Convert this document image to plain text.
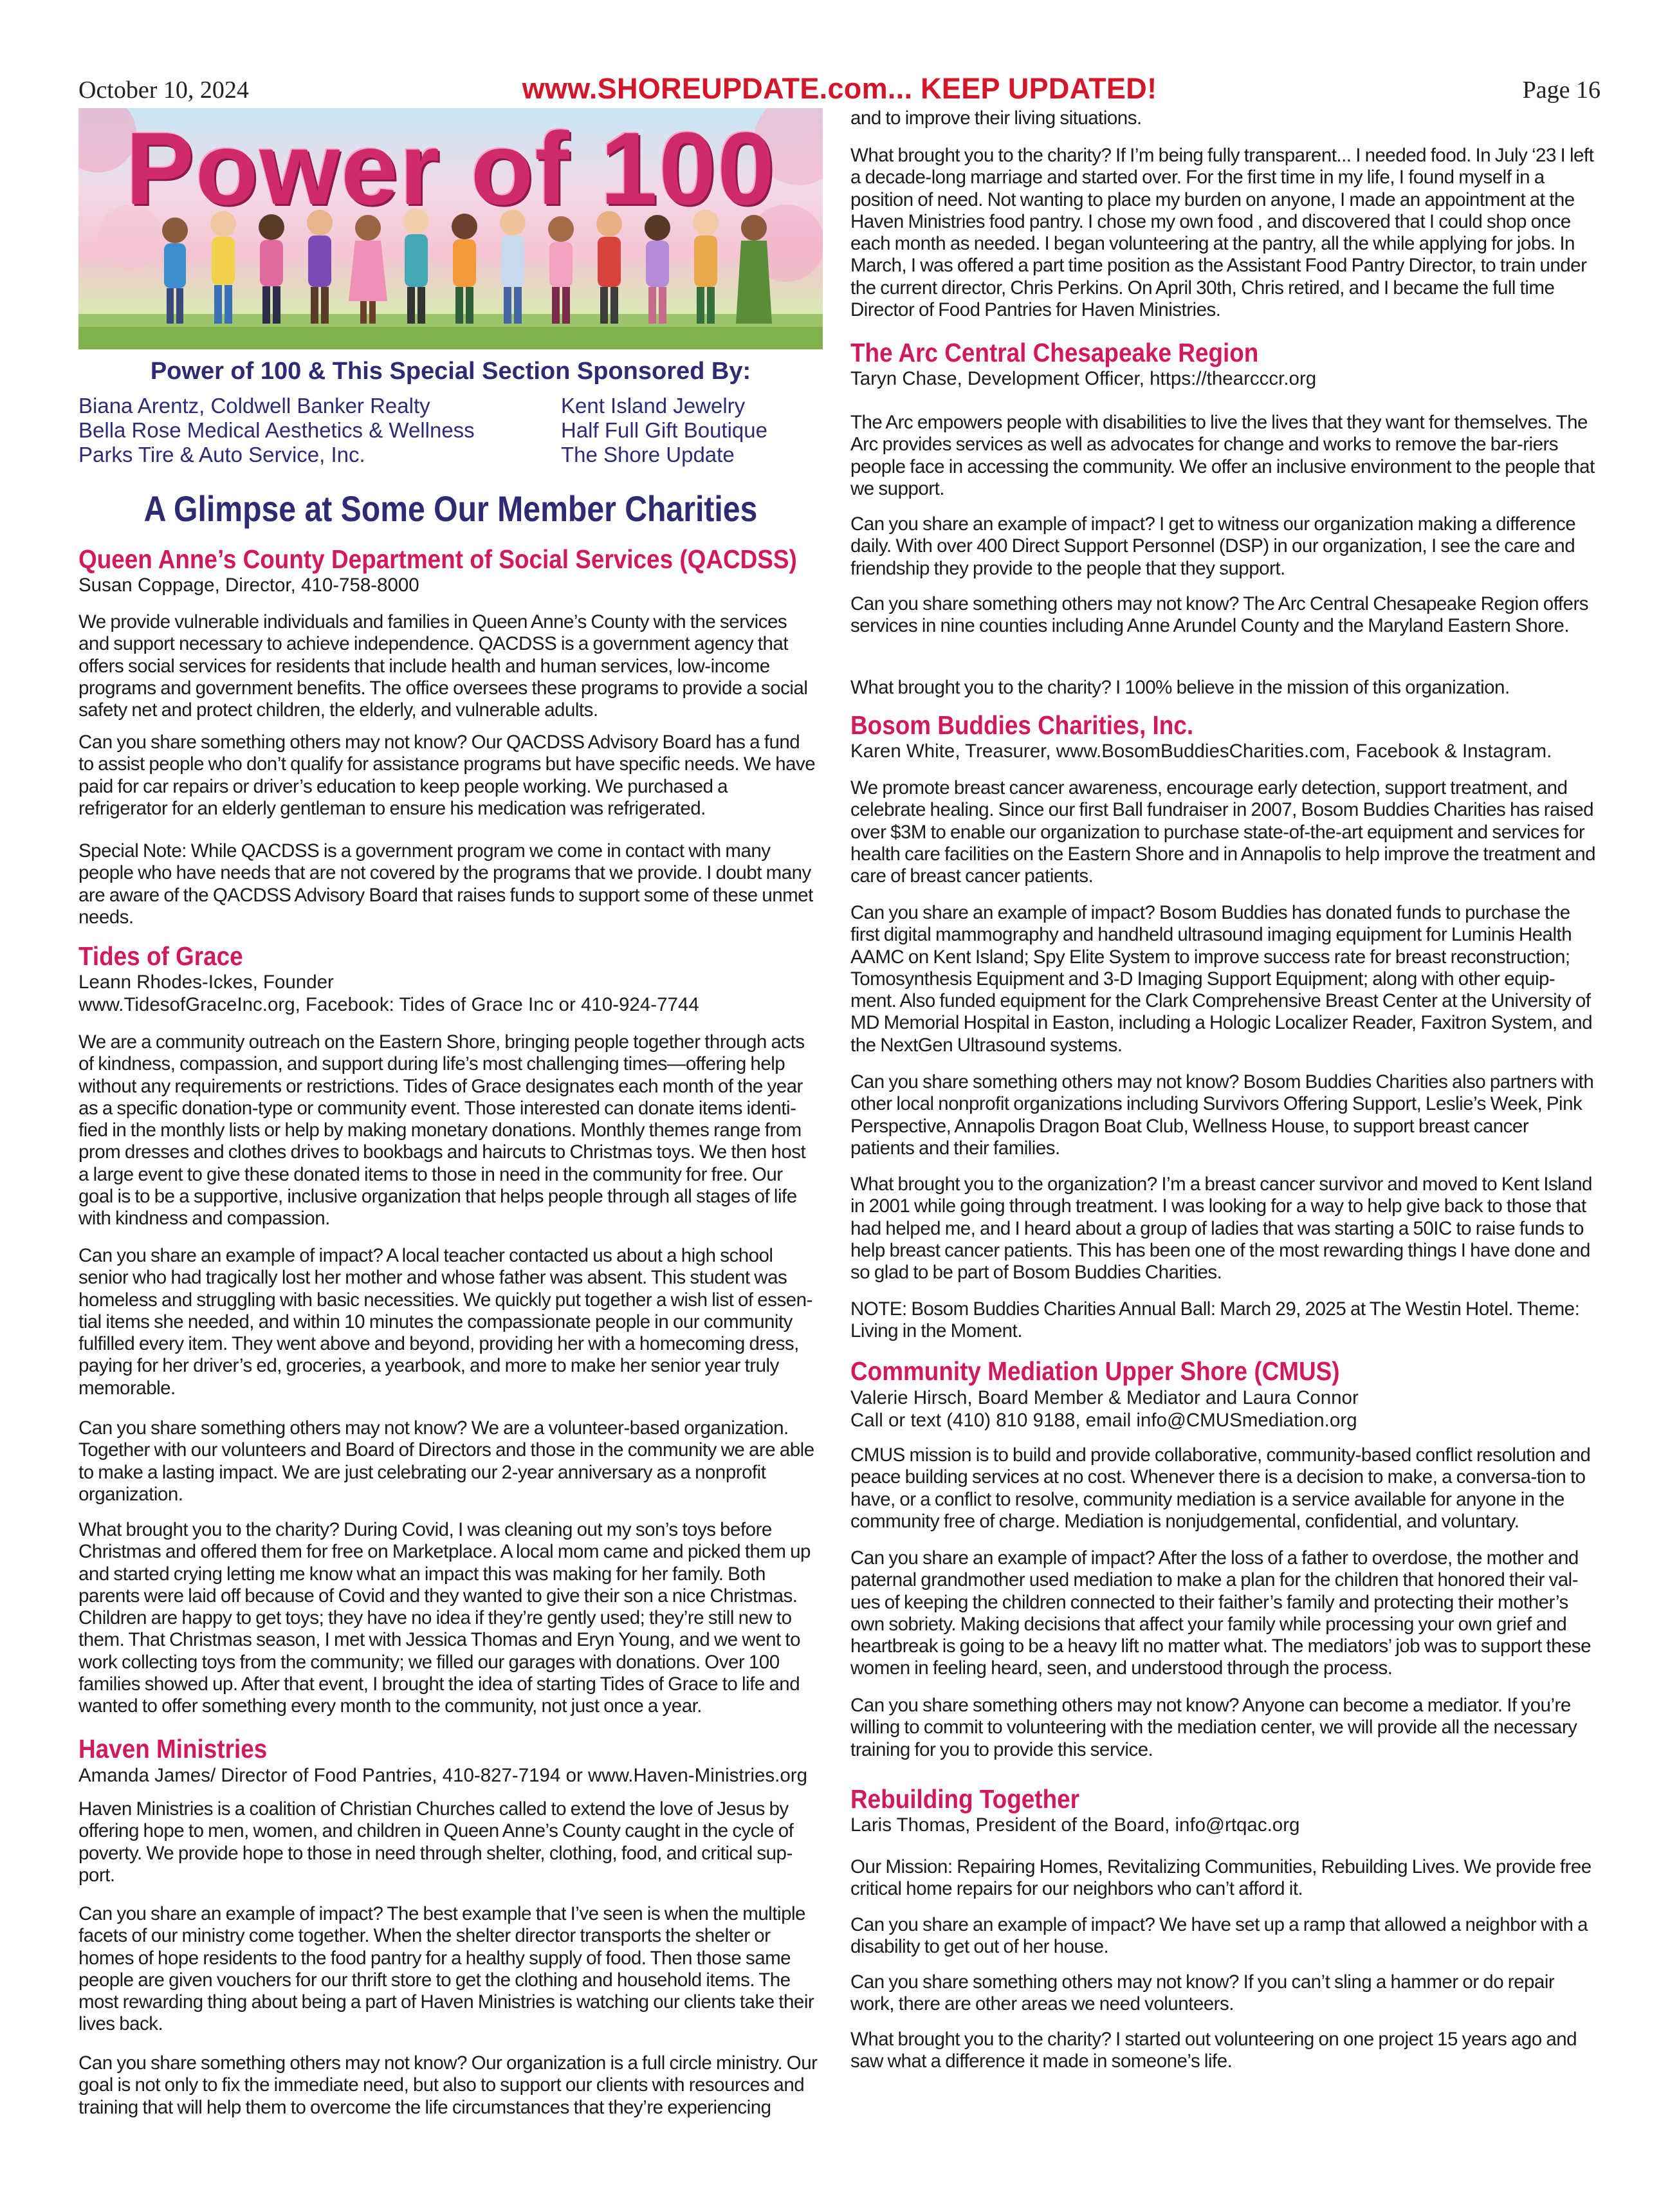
October 10, 2024	www.SHOREUPDATE.com... KEEP UPDATED!	Page 16
Power of 100
Power of 100 & This Special Section Sponsored By:
Biana Arentz, Coldwell Banker Realty
Bella Rose Medical Aesthetics & Wellness
Parks Tire & Auto Service, Inc.
Kent Island Jewelry
Half Full Gift Boutique
The Shore Update
A Glimpse at Some Our Member Charities
Queen Anne’s County Department of Social Services (QACDSS)
Susan Coppage, Director, 410-758-8000
We provide vulnerable individuals and families in Queen Anne’s County with the services and support necessary to achieve independence. QACDSS is a government agency that offers social services for residents that include health and human services, low-income programs and government benefits. The office oversees these programs to provide a social safety net and protect children, the elderly, and vulnerable adults.
Can you share something others may not know? Our QACDSS Advisory Board has a fund to assist people who don’t qualify for assistance programs but have specific needs. We have paid for car repairs or driver’s education to keep people working. We purchased a refrigerator for an elderly gentleman to ensure his medication was refrigerated.
Special Note: While QACDSS is a government program we come in contact with many people who have needs that are not covered by the programs that we provide. I doubt many are aware of the QACDSS Advisory Board that raises funds to support some of these unmet needs.
Tides of Grace
Leann Rhodes-Ickes, Founder
www.TidesofGraceInc.org, Facebook: Tides of Grace Inc or 410-924-7744
We are a community outreach on the Eastern Shore, bringing people together through acts of kindness, compassion, and support during life’s most challenging times—offering help without any requirements or restrictions. Tides of Grace designates each month of the year as a specific donation-type or community event. Those interested can donate items identi-fied in the monthly lists or help by making monetary donations. Monthly themes range from prom dresses and clothes drives to bookbags and haircuts to Christmas toys. We then host a large event to give these donated items to those in need in the community for free. Our goal is to be a supportive, inclusive organization that helps people through all stages of life with kindness and compassion.
Can you share an example of impact? A local teacher contacted us about a high school senior who had tragically lost her mother and whose father was absent. This student was homeless and struggling with basic necessities. We quickly put together a wish list of essen-tial items she needed, and within 10 minutes the compassionate people in our community fulfilled every item. They went above and beyond, providing her with a homecoming dress, paying for her driver’s ed, groceries, a yearbook, and more to make her senior year truly memorable.
Can you share something others may not know? We are a volunteer-based organization. Together with our volunteers and Board of Directors and those in the community we are able to make a lasting impact. We are just celebrating our 2-year anniversary as a nonprofit organization.
What brought you to the charity? During Covid, I was cleaning out my son’s toys before Christmas and offered them for free on Marketplace. A local mom came and picked them up and started crying letting me know what an impact this was making for her family. Both parents were laid off because of Covid and they wanted to give their son a nice Christmas. Children are happy to get toys; they have no idea if they’re gently used; they’re still new to them. That Christmas season, I met with Jessica Thomas and Eryn Young, and we went to work collecting toys from the community; we filled our garages with donations. Over 100 families showed up. After that event, I brought the idea of starting Tides of Grace to life and wanted to offer something every month to the community, not just once a year.
Haven Ministries
Amanda James/ Director of Food Pantries, 410-827-7194 or www.Haven-Ministries.org
Haven Ministries is a coalition of Christian Churches called to extend the love of Jesus by offering hope to men, women, and children in Queen Anne’s County caught in the cycle of poverty. We provide hope to those in need through shelter, clothing, food, and critical sup-port.
Can you share an example of impact? The best example that I’ve seen is when the multiple facets of our ministry come together. When the shelter director transports the shelter or homes of hope residents to the food pantry for a healthy supply of food. Then those same people are given vouchers for our thrift store to get the clothing and household items. The most rewarding thing about being a part of Haven Ministries is watching our clients take their lives back.
Can you share something others may not know? Our organization is a full circle ministry. Our goal is not only to fix the immediate need, but also to support our clients with resources and training that will help them to overcome the life circumstances that they’re experiencing
and to improve their living situations.
What brought you to the charity? If I’m being fully transparent... I needed food. In July ‘23 I left a decade-long marriage and started over. For the first time in my life, I found myself in a position of need. Not wanting to place my burden on anyone, I made an appointment at the Haven Ministries food pantry. I chose my own food , and discovered that I could shop once each month as needed. I began volunteering at the pantry, all the while applying for jobs. In March, I was offered a part time position as the Assistant Food Pantry Director, to train under the current director, Chris Perkins. On April 30th, Chris retired, and I became the full time Director of Food Pantries for Haven Ministries.
The Arc Central Chesapeake Region
Taryn Chase, Development Officer, https://thearcccr.org
The Arc empowers people with disabilities to live the lives that they want for themselves. The Arc provides services as well as advocates for change and works to remove the bar-riers people face in accessing the community. We offer an inclusive environment to the people that we support.
Can you share an example of impact? I get to witness our organization making a difference daily. With over 400 Direct Support Personnel (DSP) in our organization, I see the care and friendship they provide to the people that they support.
Can you share something others may not know? The Arc Central Chesapeake Region offers services in nine counties including Anne Arundel County and the Maryland Eastern Shore.
What brought you to the charity? I 100% believe in the mission of this organization.
Bosom Buddies Charities, Inc.
Karen White, Treasurer, www.BosomBuddiesCharities.com, Facebook & Instagram.
We promote breast cancer awareness, encourage early detection, support treatment, and celebrate healing. Since our first Ball fundraiser in 2007, Bosom Buddies Charities has raised over $3M to enable our organization to purchase state-of-the-art equipment and services for health care facilities on the Eastern Shore and in Annapolis to help improve the treatment and care of breast cancer patients.
Can you share an example of impact? Bosom Buddies has donated funds to purchase the first digital mammography and handheld ultrasound imaging equipment for Luminis Health AAMC on Kent Island; Spy Elite System to improve success rate for breast reconstruction; Tomosynthesis Equipment and 3-D Imaging Support Equipment; along with other equip-ment. Also funded equipment for the Clark Comprehensive Breast Center at the University of MD Memorial Hospital in Easton, including a Hologic Localizer Reader, Faxitron System, and the NextGen Ultrasound systems.
Can you share something others may not know? Bosom Buddies Charities also partners with other local nonprofit organizations including Survivors Offering Support, Leslie’s Week, Pink Perspective, Annapolis Dragon Boat Club, Wellness House, to support breast cancer patients and their families.
What brought you to the organization? I’m a breast cancer survivor and moved to Kent Island in 2001 while going through treatment. I was looking for a way to help give back to those that had helped me, and I heard about a group of ladies that was starting a 50IC to raise funds to help breast cancer patients. This has been one of the most rewarding things I have done and so glad to be part of Bosom Buddies Charities.
NOTE: Bosom Buddies Charities Annual Ball: March 29, 2025 at The Westin Hotel. Theme: Living in the Moment.
Community Mediation Upper Shore (CMUS)
Valerie Hirsch, Board Member & Mediator and Laura Connor
Call or text (410) 810 9188, email info@CMUSmediation.org
CMUS mission is to build and provide collaborative, community-based conflict resolution and peace building services at no cost. Whenever there is a decision to make, a conversa-tion to have, or a conflict to resolve, community mediation is a service available for anyone in the community free of charge. Mediation is nonjudgemental, confidential, and voluntary.
Can you share an example of impact? After the loss of a father to overdose, the mother and paternal grandmother used mediation to make a plan for the children that honored their val-ues of keeping the children connected to their faither’s family and protecting their mother’s own sobriety. Making decisions that affect your family while processing your own grief and heartbreak is going to be a heavy lift no matter what. The mediators’ job was to support these women in feeling heard, seen, and understood through the process.
Can you share something others may not know? Anyone can become a mediator. If you’re willing to commit to volunteering with the mediation center, we will provide all the necessary training for you to provide this service.
Rebuilding Together
Laris Thomas, President of the Board, info@rtqac.org
Our Mission: Repairing Homes, Revitalizing Communities, Rebuilding Lives. We provide free critical home repairs for our neighbors who can’t afford it.
Can you share an example of impact? We have set up a ramp that allowed a neighbor with a disability to get out of her house.
Can you share something others may not know? If you can’t sling a hammer or do repair work, there are other areas we need volunteers.
What brought you to the charity? I started out volunteering on one project 15 years ago and saw what a difference it made in someone’s life.
